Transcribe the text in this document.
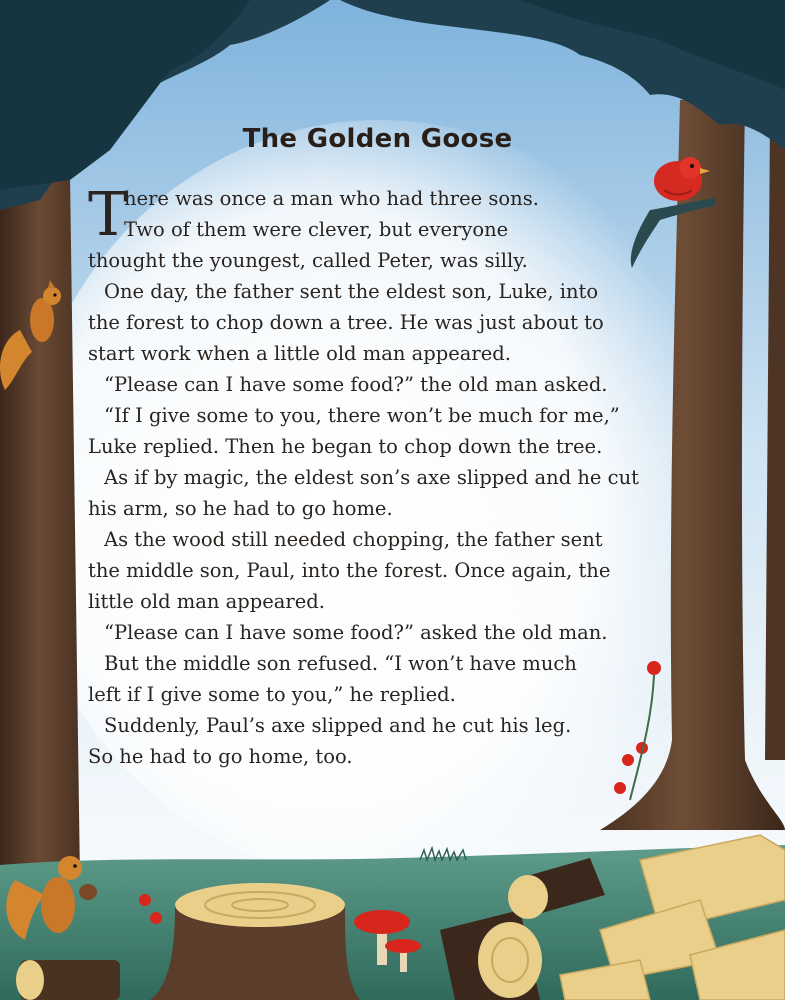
The Golden Goose
T
here was once a man who had three sons.
Two of them were clever, but everyone
thought the youngest, called Peter, was silly.
One day, the father sent the eldest son, Luke, into
the forest to chop down a tree. He was just about to
start work when a little old man appeared.
“Please can I have some food?” the old man asked.
“If I give some to you, there won’t be much for me,”
Luke replied. Then he began to chop down the tree.
As if by magic, the eldest son’s axe slipped and he cut
his arm, so he had to go home.
As the wood still needed chopping, the father sent
the middle son, Paul, into the forest. Once again, the
little old man appeared.
“Please can I have some food?” asked the old man.
But the middle son refused. “I won’t have much
left if I give some to you,” he replied.
Suddenly, Paul’s axe slipped and he cut his leg.
So he had to go home, too.
